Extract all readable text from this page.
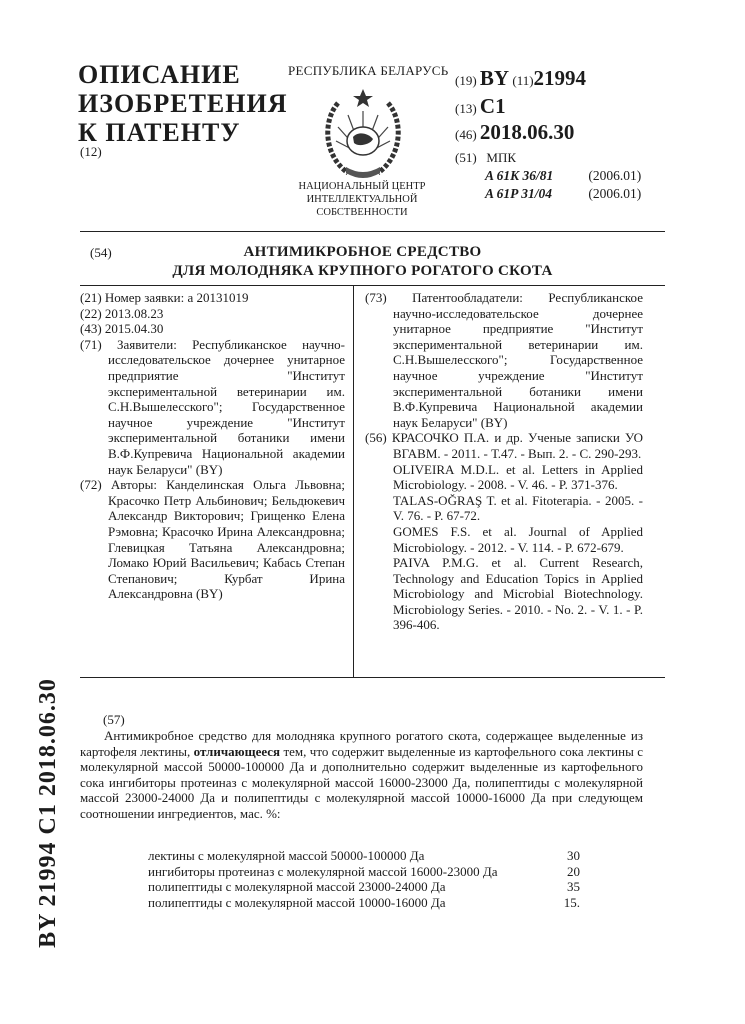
ОПИСАНИЕ
ИЗОБРЕТЕНИЯ
К ПАТЕНТУ
(12)
РЕСПУБЛИКА БЕЛАРУСЬ
НАЦИОНАЛЬНЫЙ ЦЕНТР
ИНТЕЛЛЕКТУАЛЬНОЙ
СОБСТВЕННОСТИ
(19) BY (11)21994
(13) C1
(46) 2018.06.30
(51) МПК
A 61K 36/81	(2006.01)
A 61P 31/04	(2006.01)
(54)	АНТИМИКРОБНОЕ СРЕДСТВО
ДЛЯ МОЛОДНЯКА КРУПНОГО РОГАТОГО СКОТА

(21) Номер заявки: а 20131019

(22) 2013.08.23

(43) 2015.04.30

(71) Заявители: Республиканское научно-исследовательское дочернее унитарное предприятие "Институт экспериментальной ветеринарии им. С.Н.Вышелесского"; Государственное научное учреждение "Институт экспериментальной ботаники имени В.Ф.Купревича Национальной академии наук Беларуси" (BY)

(72) Авторы: Канделинская Ольга Львовна; Красочко Петр Альбинович; Бельдюкевич Александр Викторович; Грищенко Елена Рэмовна; Красочко Ирина Александровна; Глевицкая Татьяна Александровна; Ломако Юрий Васильевич; Кабась Степан Степанович; Курбат Ирина Александровна (BY)

(73) Патентообладатели: Республиканское научно-исследовательское дочернее унитарное предприятие "Институт экспериментальной ветеринарии им. С.Н.Вышелесского"; Государственное научное учреждение "Институт экспериментальной ботаники имени В.Ф.Купревича Национальной академии наук Беларуси" (BY)

(56) КРАСОЧКО П.А. и др. Ученые записки УО ВГАВМ. - 2011. - Т.47. - Вып. 2. - С. 290-293.

OLIVEIRA M.D.L. et al. Letters in Applied Microbiology. - 2008. - V. 46. - P. 371-376.

TALAS-OĞRAŞ T. et al. Fitoterapia. - 2005. - V. 76. - P. 67-72.

GOMES F.S. et al. Journal of Applied Microbiology. - 2012. - V. 114. - P. 672-679.

PAIVA P.M.G. et al. Current Research, Technology and Education Topics in Applied Microbiology and Microbial Biotechnology. Microbiology Series. - 2010. - No. 2. - V. 1. - P. 396-406.

BY 21994 C1 2018.06.30	(57)

Антимикробное средство для молодняка крупного рогатого скота, содержащее выделенные из картофеля лектины, отличающееся тем, что содержит выделенные из картофельного сока лектины с молекулярной массой 50000-100000 Да и дополнительно содержит выделенные из картофельного сока ингибиторы протеиназ с молекулярной массой 16000-23000 Да, полипептиды с молекулярной массой 23000-24000 Да и полипептиды с молекулярной массой 10000-16000 Да при следующем соотношении ингредиентов, мас. %:

лектины с молекулярной массой 50000-100000 Да	30
ингибиторы протеиназ с молекулярной массой 16000-23000 Да	20
полипептиды с молекулярной массой 23000-24000 Да	35
полипептиды с молекулярной массой 10000-16000 Да	15.
